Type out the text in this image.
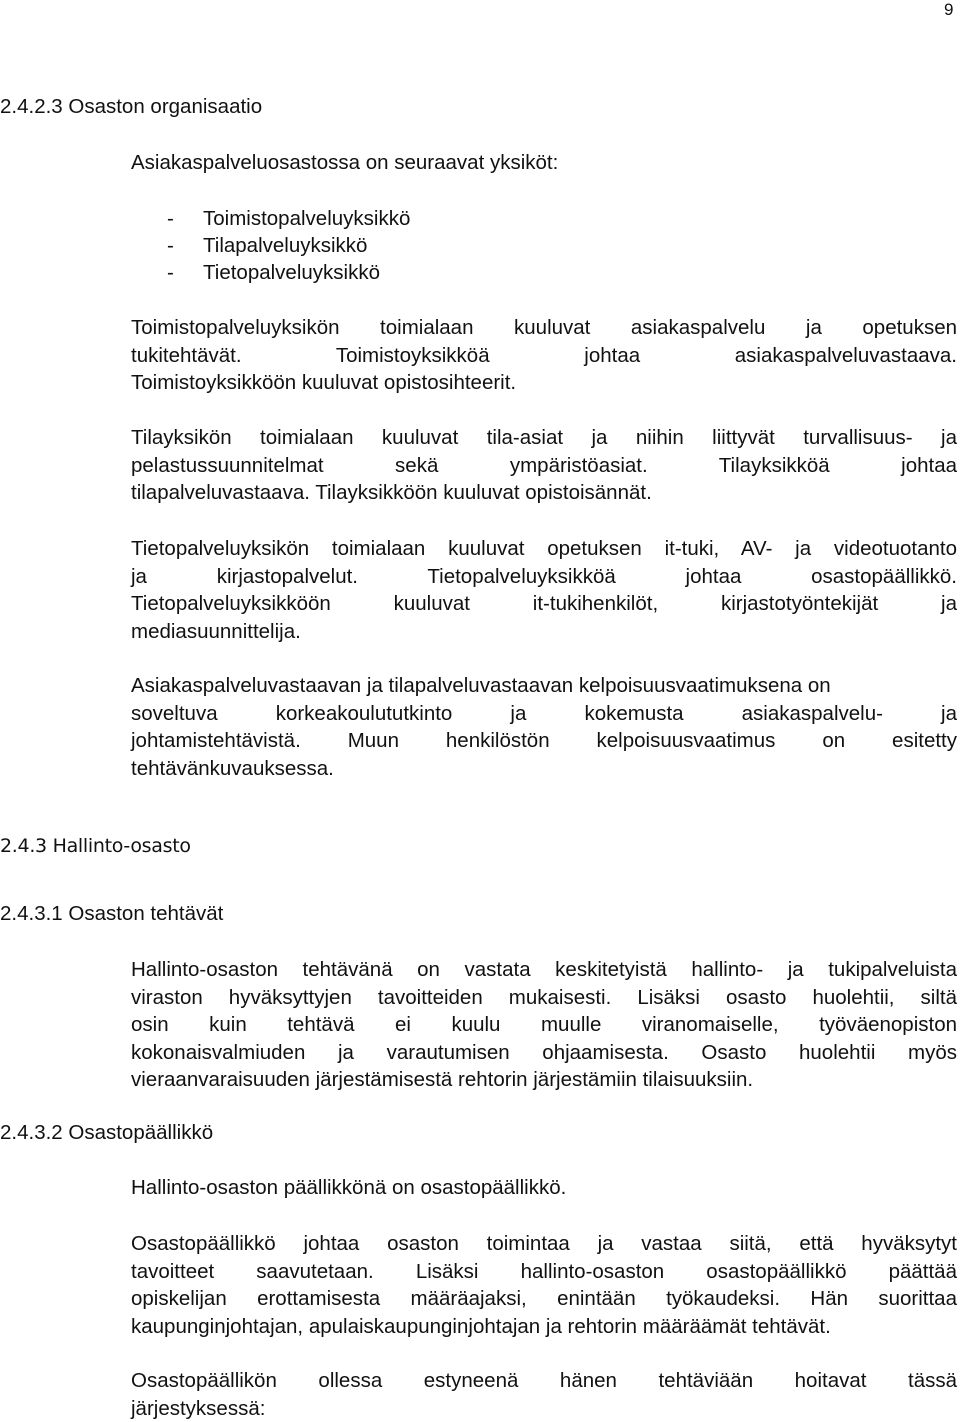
9
2.4.2.3 Osaston organisaatio
Asiakaspalveluosastossa on seuraavat yksiköt:
- Toimistopalveluyksikkö
- Tilapalveluyksikkö
- Tietopalveluyksikkö
Toimistopalveluyksikön toimialaan kuuluvat asiakaspalvelu ja opetuksen
tukitehtävät. Toimistoyksikköä johtaa asiakaspalveluvastaava.
Toimistoyksikköön kuuluvat opistosihteerit.
Tilayksikön toimialaan kuuluvat tila-asiat ja niihin liittyvät turvallisuus- ja
pelastussuunnitelmat sekä ympäristöasiat. Tilayksikköä johtaa
tilapalveluvastaava. Tilayksikköön kuuluvat opistoisännät.
Tietopalveluyksikön toimialaan kuuluvat opetuksen it-tuki, AV- ja videotuotanto
ja kirjastopalvelut. Tietopalveluyksikköä johtaa osastopäällikkö.
Tietopalveluyksikköön kuuluvat it-tukihenkilöt, kirjastotyöntekijät ja
mediasuunnittelija.
Asiakaspalveluvastaavan ja tilapalveluvastaavan kelpoisuusvaatimuksena on
soveltuva korkeakoulututkinto ja kokemusta asiakaspalvelu- ja
johtamistehtävistä. Muun henkilöstön kelpoisuusvaatimus on esitetty
tehtävänkuvauksessa.
2.4.3 Hallinto-osasto
2.4.3.1 Osaston tehtävät
Hallinto-osaston tehtävänä on vastata keskitetyistä hallinto- ja tukipalveluista
viraston hyväksyttyjen tavoitteiden mukaisesti. Lisäksi osasto huolehtii, siltä
osin kuin tehtävä ei kuulu muulle viranomaiselle, työväenopiston
kokonaisvalmiuden ja varautumisen ohjaamisesta. Osasto huolehtii myös
vieraanvaraisuuden järjestämisestä rehtorin järjestämiin tilaisuuksiin.
2.4.3.2 Osastopäällikkö
Hallinto-osaston päällikkönä on osastopäällikkö.
Osastopäällikkö johtaa osaston toimintaa ja vastaa siitä, että hyväksytyt
tavoitteet saavutetaan. Lisäksi hallinto-osaston osastopäällikkö päättää
opiskelijan erottamisesta määräajaksi, enintään työkaudeksi. Hän suorittaa
kaupunginjohtajan, apulaiskaupunginjohtajan ja rehtorin määräämät tehtävät.
Osastopäällikön ollessa estyneenä hänen tehtäviään hoitavat tässä
järjestyksessä:
